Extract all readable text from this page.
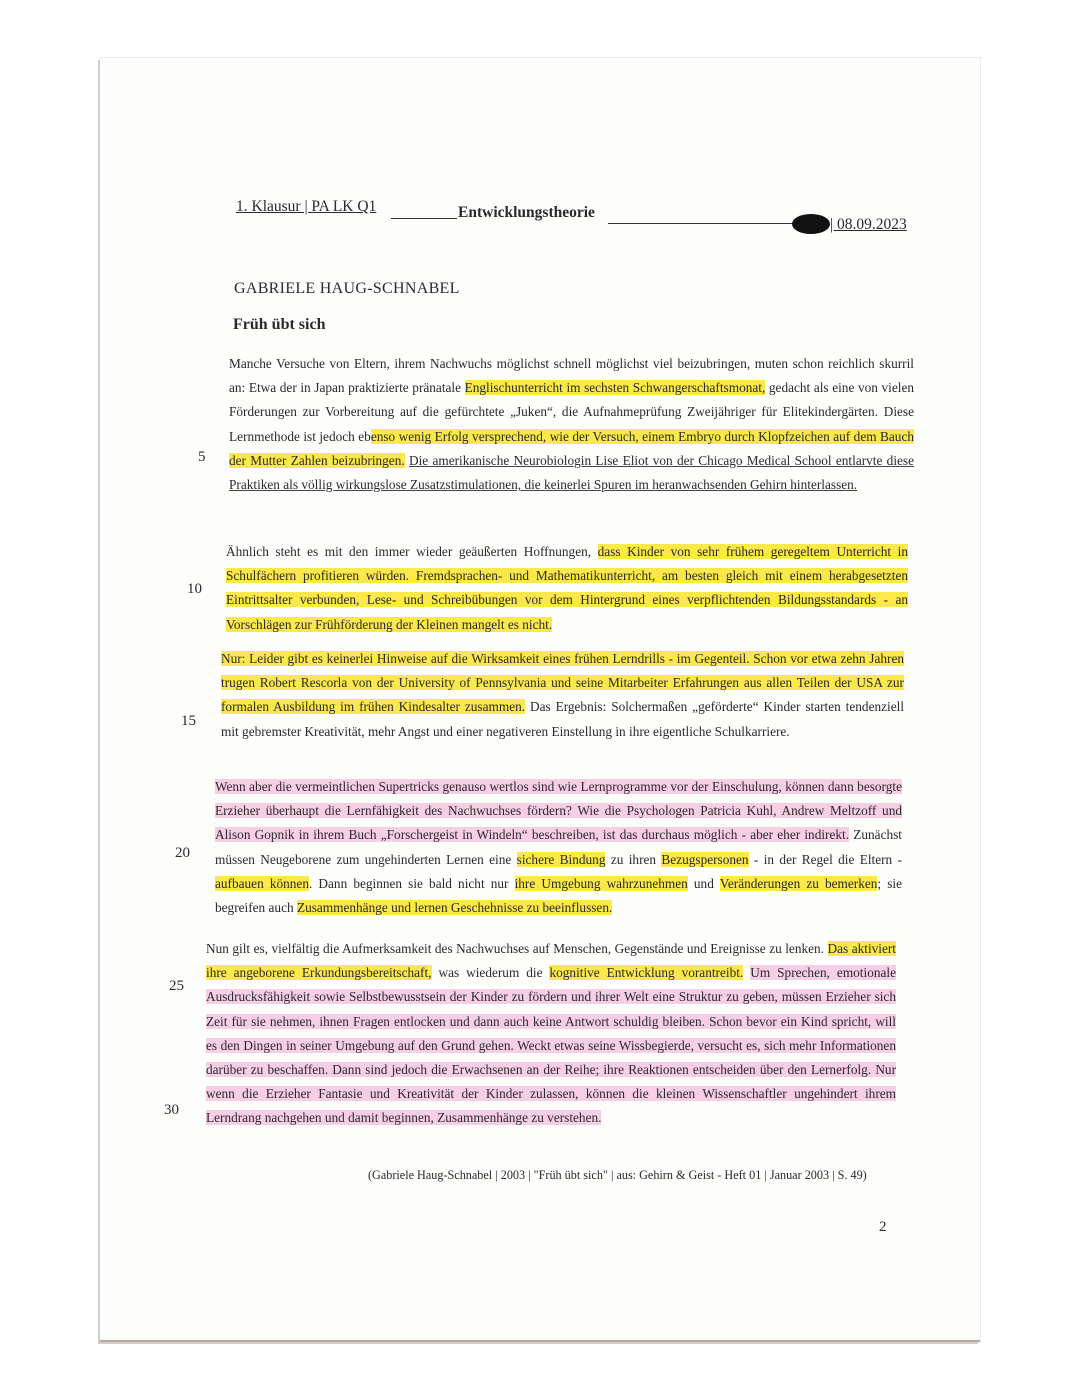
1. Klausur | PA LK Q1	Entwicklungstheorie
| 08.09.2023
GABRIELE HAUG-SCHNABEL
Früh übt sich
Manche Versuche von Eltern, ihrem Nachwuchs möglichst schnell möglichst viel beizubringen, muten schon reichlich skurril an: Etwa der in Japan praktizierte pränatale Englischunterricht im sechsten Schwangerschaftsmonat, gedacht als eine von vielen Förderungen zur Vorbereitung auf die gefürchtete „Juken“, die Aufnahmeprüfung Zweijähriger für Elitekindergärten. Diese Lernmethode ist jedoch ebenso wenig Erfolg versprechend, wie der Versuch, einem Embryo durch Klopfzeichen auf dem Bauch der Mutter Zahlen beizubringen. Die amerikanische Neurobiologin Lise Eliot von der Chicago Medical School entlarvte diese Praktiken als völlig wirkungslose Zusatzstimulationen, die keinerlei Spuren im heranwachsenden Gehirn hinterlassen.
Ähnlich steht es mit den immer wieder geäußerten Hoffnungen, dass Kinder von sehr frühem geregeltem Unterricht in Schulfächern profitieren würden. Fremdsprachen- und Mathematikunterricht, am besten gleich mit einem herabgesetzten Eintrittsalter verbunden, Lese- und Schreibübungen vor dem Hintergrund eines verpflichtenden Bildungsstandards - an Vorschlägen zur Frühförderung der Kleinen mangelt es nicht.
Nur: Leider gibt es keinerlei Hinweise auf die Wirksamkeit eines frühen Lerndrills - im Gegenteil. Schon vor etwa zehn Jahren trugen Robert Rescorla von der University of Pennsylvania und seine Mitarbeiter Erfahrungen aus allen Teilen der USA zur formalen Ausbildung im frühen Kindesalter zusammen. Das Ergebnis: Solchermaßen „geförderte“ Kinder starten tendenziell mit gebremster Kreativität, mehr Angst und einer negativeren Einstellung in ihre eigentliche Schulkarriere.
Wenn aber die vermeintlichen Supertricks genauso wertlos sind wie Lernprogramme vor der Einschulung, können dann besorgte Erzieher überhaupt die Lernfähigkeit des Nachwuchses fördern? Wie die Psychologen Patricia Kuhl, Andrew Meltzoff und Alison Gopnik in ihrem Buch „Forschergeist in Windeln“ beschreiben, ist das durchaus möglich - aber eher indirekt. Zunächst müssen Neugeborene zum ungehinderten Lernen eine sichere Bindung zu ihren Bezugspersonen - in der Regel die Eltern - aufbauen können. Dann beginnen sie bald nicht nur ihre Umgebung wahrzunehmen und Veränderungen zu bemerken; sie begreifen auch Zusammenhänge und lernen Geschehnisse zu beeinflussen.
Nun gilt es, vielfältig die Aufmerksamkeit des Nachwuchses auf Menschen, Gegenstände und Ereignisse zu lenken. Das aktiviert ihre angeborene Erkundungsbereitschaft, was wiederum die kognitive Entwicklung vorantreibt. Um Sprechen, emotionale Ausdrucksfähigkeit sowie Selbstbewusstsein der Kinder zu fördern und ihrer Welt eine Struktur zu geben, müssen Erzieher sich Zeit für sie nehmen, ihnen Fragen entlocken und dann auch keine Antwort schuldig bleiben. Schon bevor ein Kind spricht, will es den Dingen in seiner Umgebung auf den Grund gehen. Weckt etwas seine Wissbegierde, versucht es, sich mehr Informationen darüber zu beschaffen. Dann sind jedoch die Erwachsenen an der Reihe; ihre Reaktionen entscheiden über den Lernerfolg. Nur wenn die Erzieher Fantasie und Kreativität der Kinder zulassen, können die kleinen Wissenschaftler ungehindert ihrem Lerndrang nachgehen und damit beginnen, Zusammenhänge zu verstehen.
5
10
15
20
25
30
(Gabriele Haug-Schnabel | 2003 | "Früh übt sich" | aus: Gehirn & Geist - Heft 01 | Januar 2003 | S. 49)
2
